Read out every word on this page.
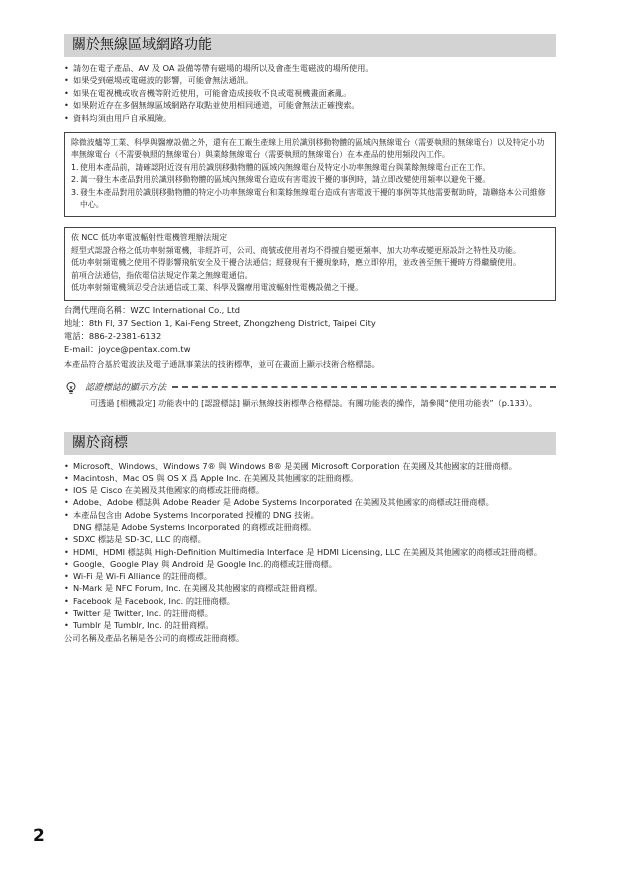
關於無線區域網路功能
• 請勿在電子產品、AV 及 OA 設備等帶有磁場的場所以及會產生電磁波的場所使用。
• 如果受到磁場或電磁波的影響，可能會無法通訊。
• 如果在電視機或收音機等附近使用，可能會造成接收不良或電視機畫面紊亂。
• 如果附近存在多個無線區域網路存取點並使用相同通道，可能會無法正確搜索。
• 資料均須由用戶自承風險。

除微波爐等工業、科學與醫療設備之外，還有在工廠生產線上用於識別移動物體的區域內無線電台（需要執照的無線電台）以及特定小功率無線電台（不需要執照的無線電台）與業餘無線電台（需要執照的無線電台）在本產品的使用頻段內工作。

1. 使用本產品前，請確認附近沒有用於識別移動物體的區域內無線電台及特定小功率無線電台與業餘無線電台正在工作。
2. 萬一發生本產品對用於識別移動物體的區域內無線電台造成有害電波干擾的事例時，請立即改變使用頻率以避免干擾。
3. 發生本產品對用於識別移動物體的特定小功率無線電台和業餘無線電台造成有害電波干擾的事例等其他需要幫助時，請聯絡本公司維修中心。

依 NCC 低功率電波輻射性電機管理辦法規定

經型式認證合格之低功率射頻電機，非經許可，公司、商號或使用者均不得擅自變更頻率、加大功率或變更原設計之特性及功能。

低功率射頻電機之使用不得影響飛航安全及干擾合法通信；經發現有干擾現象時，應立即停用，並改善至無干擾時方得繼續使用。

前項合法通信，指依電信法規定作業之無線電通信。

低功率射頻電機須忍受合法通信或工業、科學及醫療用電波輻射性電機設備之干擾。

台灣代理商名稱：WZC International Co., Ltd
地址：8th Fl, 37 Section 1, Kai-Feng Street, Zhongzheng District, Taipei City
電話：886-2-2381-6132
E-mail：joyce@pentax.com.tw
本產品符合基於電波法及電子通訊事業法的技術標準，並可在畫面上顯示技術合格標誌。
認證標誌的顯示方法
可透過 [相機設定] 功能表中的 [認證標誌] 顯示無線技術標準合格標誌。有關功能表的操作，請參閱“使用功能表”（p.133）。
關於商標
• Microsoft、Windows、Windows 7® 與 Windows 8® 是美國 Microsoft Corporation 在美國及其他國家的註冊商標。
• Macintosh、Mac OS 與 OS X 爲 Apple Inc. 在美國及其他國家的註冊商標。
• IOS 是 Cisco 在美國及其他國家的商標或註冊商標。
• Adobe、Adobe 標誌與 Adobe Reader 是 Adobe Systems Incorporated 在美國及其他國家的商標或註冊商標。
• 本產品包含由 Adobe Systems Incorporated 授權的 DNG 技術。
DNG 標誌是 Adobe Systems Incorporated 的商標或註冊商標。
• SDXC 標誌是 SD-3C, LLC 的商標。
• HDMI、HDMI 標誌與 High-Definition Multimedia Interface 是 HDMI Licensing, LLC 在美國及其他國家的商標或註冊商標。
• Google、Google Play 與 Android 是 Google Inc.的商標或註冊商標。
• Wi-Fi 是 Wi-Fi Alliance 的註冊商標。
• N-Mark 是 NFC Forum, Inc. 在美國及其他國家的商標或註冊商標。
• Facebook 是 Facebook, Inc. 的註冊商標。
• Twitter 是 Twitter, Inc. 的註冊商標。
• Tumblr 是 Tumblr, Inc. 的註冊商標。
公司名稱及產品名稱是各公司的商標或註冊商標。
2
